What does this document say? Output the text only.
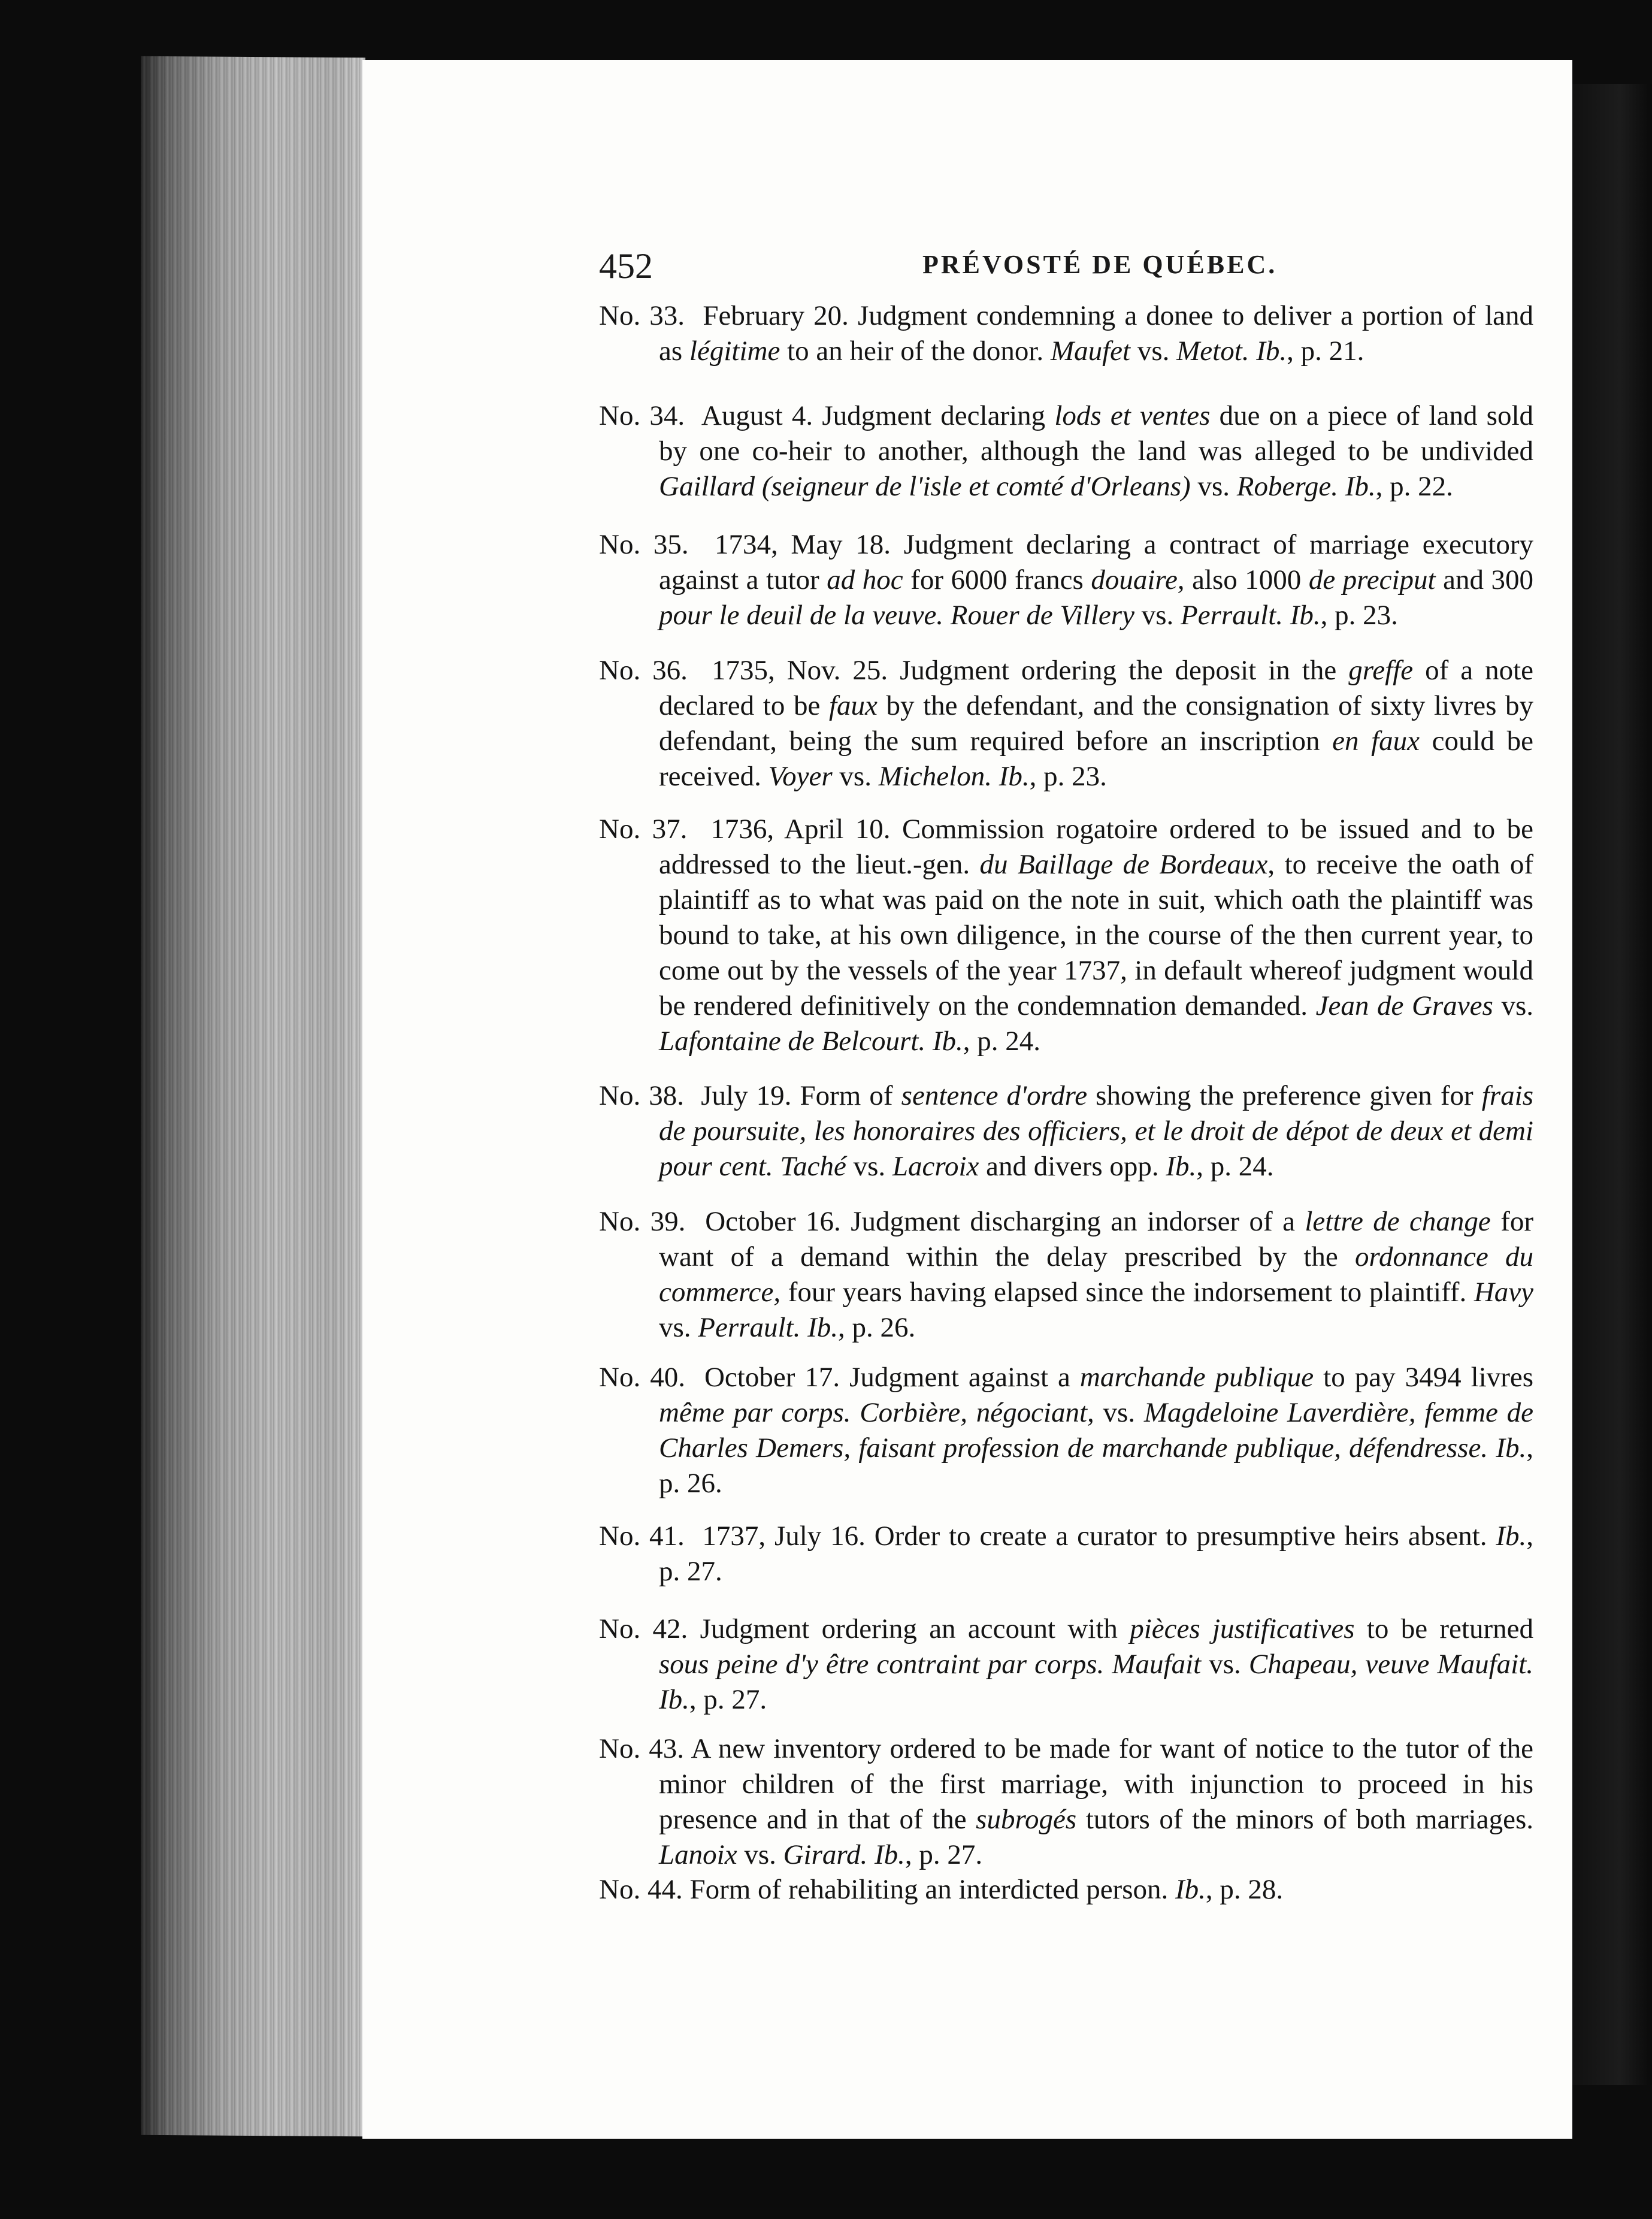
452	PRÉVOSTÉ DE QUÉBEC.
No. 33. February 20. Judgment condemning a donee to deliver a portion of land as légitime to an heir of the donor. Maufet vs. Metot. Ib., p. 21.
No. 34. August 4. Judgment declaring lods et ventes due on a piece of land sold by one co-heir to another, although the land was alleged to be undivided Gaillard (seigneur de l'isle et comté d'Orleans) vs. Roberge. Ib., p. 22.
No. 35. 1734, May 18. Judgment declaring a contract of marriage executory against a tutor ad hoc for 6000 francs douaire, also 1000 de preciput and 300 pour le deuil de la veuve. Rouer de Villery vs. Perrault. Ib., p. 23.
No. 36. 1735, Nov. 25. Judgment ordering the deposit in the greffe of a note declared to be faux by the defendant, and the consignation of sixty livres by defendant, being the sum required before an inscription en faux could be received. Voyer vs. Michelon. Ib., p. 23.
No. 37. 1736, April 10. Commission rogatoire ordered to be issued and to be addressed to the lieut.-gen. du Baillage de Bordeaux, to receive the oath of plaintiff as to what was paid on the note in suit, which oath the plaintiff was bound to take, at his own diligence, in the course of the then current year, to come out by the vessels of the year 1737, in default whereof judgment would be rendered definitively on the condemnation demanded. Jean de Graves vs. Lafontaine de Belcourt. Ib., p. 24.
No. 38. July 19. Form of sentence d'ordre showing the preference given for frais de poursuite, les honoraires des officiers, et le droit de dépot de deux et demi pour cent. Taché vs. Lacroix and divers opp. Ib., p. 24.
No. 39. October 16. Judgment discharging an indorser of a lettre de change for want of a demand within the delay prescribed by the ordonnance du commerce, four years having elapsed since the indorsement to plaintiff. Havy vs. Perrault. Ib., p. 26.
No. 40. October 17. Judgment against a marchande publique to pay 3494 livres même par corps. Corbière, négociant, vs. Magdeloine Laverdière, femme de Charles Demers, faisant profession de marchande publique, défendresse. Ib., p. 26.
No. 41. 1737, July 16. Order to create a curator to presumptive heirs absent. Ib., p. 27.
No. 42. Judgment ordering an account with pièces justificatives to be returned sous peine d'y être contraint par corps. Maufait vs. Chapeau, veuve Maufait. Ib., p. 27.
No. 43. A new inventory ordered to be made for want of notice to the tutor of the minor children of the first marriage, with injunction to proceed in his presence and in that of the subrogés tutors of the minors of both marriages. Lanoix vs. Girard. Ib., p. 27.
No. 44. Form of rehabiliting an interdicted person. Ib., p. 28.
